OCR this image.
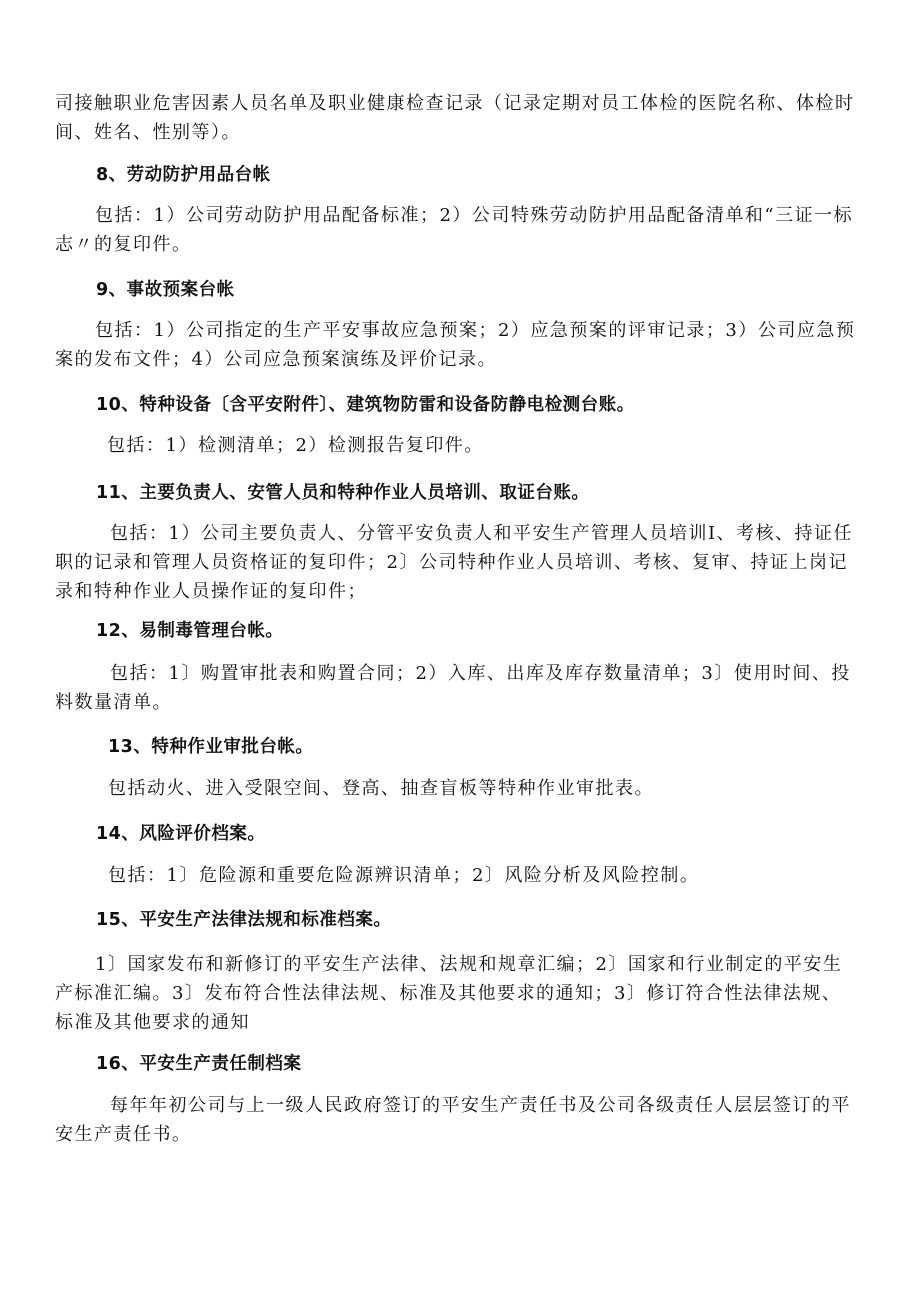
司接触职业危害因素人员名单及职业健康检查记录（记录定期对员工体检的医院名称、体检时间、姓名、性别等）。

8、劳动防护用品台帐

包括：1）公司劳动防护用品配备标准；2）公司特殊劳动防护用品配备清单和“三证一标志〃的复印件。

9、事故预案台帐

包括：1）公司指定的生产平安事故应急预案；2）应急预案的评审记录；3）公司应急预案的发布文件；4）公司应急预案演练及评价记录。

10、特种设备〔含平安附件〕、建筑物防雷和设备防静电检测台账。

包括：1）检测清单；2）检测报告复印件。

11、主要负责人、安管人员和特种作业人员培训、取证台账。

包括：1）公司主要负责人、分管平安负责人和平安生产管理人员培训I、考核、持证任职的记录和管理人员资格证的复印件；2〕公司特种作业人员培训、考核、复审、持证上岗记录和特种作业人员操作证的复印件；

12、易制毒管理台帐。

包括：1〕购置审批表和购置合同；2）入库、出库及库存数量清单；3〕使用时间、投料数量清单。

13、特种作业审批台帐。

包括动火、进入受限空间、登高、抽查盲板等特种作业审批表。

14、风险评价档案。

包括：1〕危险源和重要危险源辨识清单；2〕风险分析及风险控制。

15、平安生产法律法规和标准档案。

1〕国家发布和新修订的平安生产法律、法规和规章汇编；2〕国家和行业制定的平安生产标准汇编。3〕发布符合性法律法规、标准及其他要求的通知；3〕修订符合性法律法规、标准及其他要求的通知

16、平安生产责任制档案

每年年初公司与上一级人民政府签订的平安生产责任书及公司各级责任人层层签订的平安生产责任书。
